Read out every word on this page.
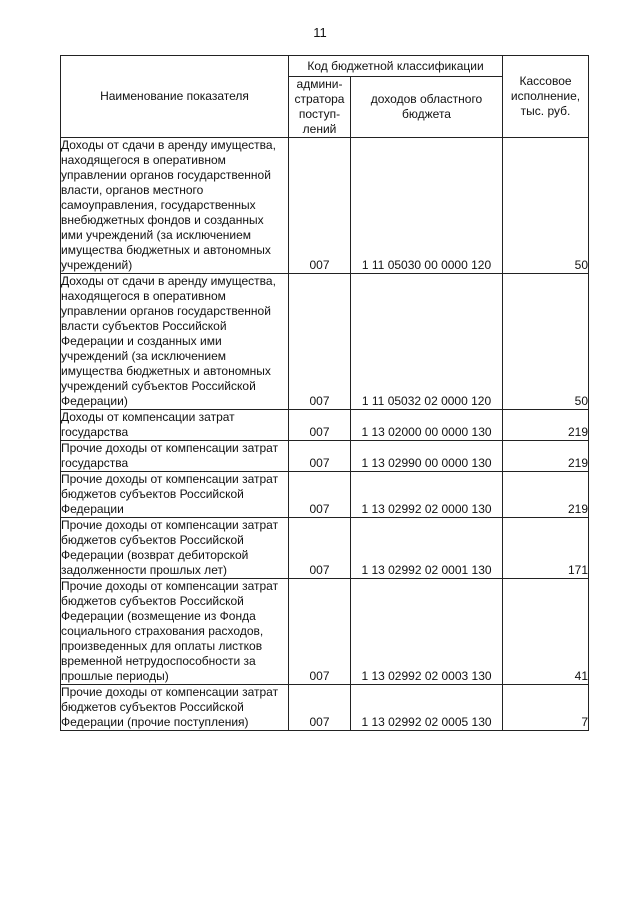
11
Наименование показателя	Код бюджетной классификации		Кассовое исполнение, тыс. руб.
	админи-стратора поступ-лений	доходов областного бюджета	
Доходы от сдачи в аренду имущества, находящегося в оперативном управлении органов государственной власти, органов местного самоуправления, государственных внебюджетных фондов и созданных ими учреждений (за исключением имущества бюджетных и автономных учреждений)	007	1 11 05030 00 0000 120	50
Доходы от сдачи в аренду имущества, находящегося в оперативном управлении органов государственной власти субъектов Российской Федерации и созданных ими учреждений (за исключением имущества бюджетных и автономных учреждений субъектов Российской Федерации)	007	1 11 05032 02 0000 120	50
Доходы от компенсации затрат государства	007	1 13 02000 00 0000 130	219
Прочие доходы от компенсации затрат государства	007	1 13 02990 00 0000 130	219
Прочие доходы от компенсации затрат бюджетов субъектов Российской Федерации	007	1 13 02992 02 0000 130	219
Прочие доходы от компенсации затрат бюджетов субъектов Российской Федерации (возврат дебиторской задолженности прошлых лет)	007	1 13 02992 02 0001 130	171
Прочие доходы от компенсации затрат бюджетов субъектов Российской Федерации (возмещение из Фонда социального страхования расходов, произведенных для оплаты листков временной нетрудоспособности за прошлые периоды)	007	1 13 02992 02 0003 130	41
Прочие доходы от компенсации затрат бюджетов субъектов Российской Федерации (прочие поступления)	007	1 13 02992 02 0005 130	7
